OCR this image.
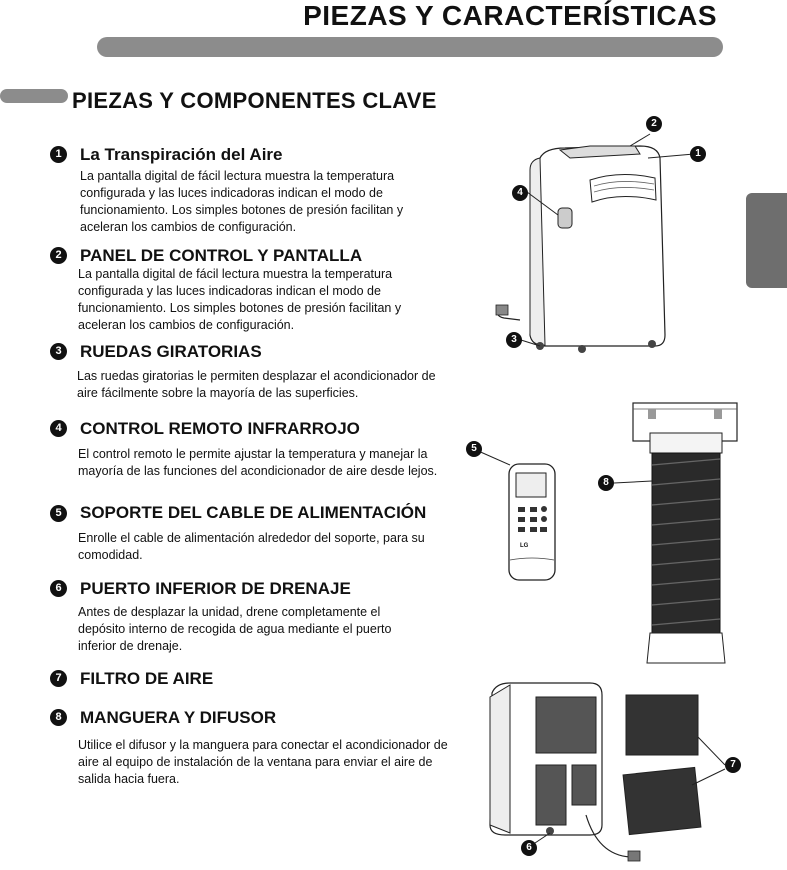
PIEZAS Y CARACTERÍSTICAS
PIEZAS Y COMPONENTES CLAVE
1	La Transpiración del Aire
La pantalla digital de fácil lectura muestra la temperatura configurada y las luces indicadoras indican el modo de funcionamiento. Los simples botones de presión facilitan y aceleran los cambios de configuración.
2	PANEL DE CONTROL Y PANTALLA
La pantalla digital de fácil lectura muestra la temperatura configurada y las luces indicadoras indican el modo de funcionamiento. Los simples botones de presión facilitan y aceleran los cambios de configuración.
3	RUEDAS GIRATORIAS
Las ruedas giratorias le permiten desplazar el acondicionador de aire fácilmente sobre la mayoría de las superficies.
4	CONTROL REMOTO INFRARROJO
El control remoto le permite ajustar la temperatura y manejar la mayoría de las funciones del acondicionador de aire desde lejos.
5	SOPORTE DEL CABLE DE ALIMENTACIÓN
Enrolle el cable de alimentación alrededor del soporte, para su comodidad.
6	PUERTO INFERIOR DE DRENAJE
Antes de desplazar la unidad, drene completamente el depósito interno de recogida de agua mediante el puerto inferior de drenaje.
7	FILTRO DE AIRE
8	MANGUERA Y DIFUSOR
Utilice el difusor y la manguera para conectar el acondicionador de aire al equipo de instalación de la ventana para enviar el aire de salida hacia fuera.
2
1
4
3
5
LG
8
6
7
